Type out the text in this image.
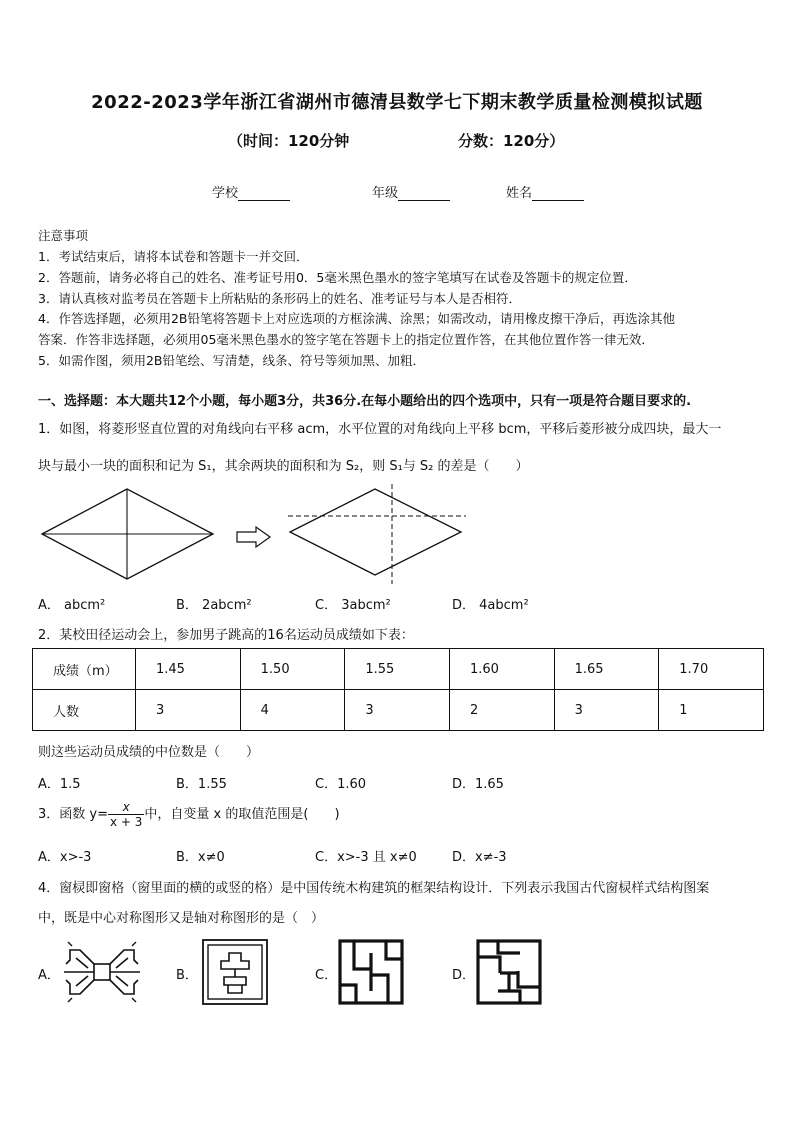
2022-2023学年浙江省湖州市德清县数学七下期末教学质量检测模拟试题
（时间：120分钟	分数：120分）
学校	年级	姓名
注意事项
1．考试结束后，请将本试卷和答题卡一并交回．
2．答题前，请务必将自己的姓名、准考证号用0．5毫米黑色墨水的签字笔填写在试卷及答题卡的规定位置．
3．请认真核对监考员在答题卡上所粘贴的条形码上的姓名、准考证号与本人是否相符．
4．作答选择题，必须用2B铅笔将答题卡上对应选项的方框涂满、涂黑；如需改动，请用橡皮擦干净后，再选涂其他
答案．作答非选择题，必须用05毫米黑色墨水的签字笔在答题卡上的指定位置作答，在其他位置作答一律无效．
5．如需作图，须用2B铅笔绘、写清楚，线条、符号等须加黑、加粗．
一、选择题：本大题共12个小题，每小题3分，共36分.在每小题给出的四个选项中，只有一项是符合题目要求的.
1．如图，将菱形竖直位置的对角线向右平移 acm，水平位置的对角线向上平移 bcm，平移后菱形被分成四块，最大一
块与最小一块的面积和记为 S₁，其余两块的面积和为 S₂，则 S₁与 S₂ 的差是（　　）
A． abcm²	B． 2abcm²	C． 3abcm²	D． 4abcm²
2．某校田径运动会上，参加男子跳高的16名运动员成绩如下表：
成绩（m）	1.45	1.50	1.55	1.60	1.65	1.70
人数	3	4	3	2	3	1
则这些运动员成绩的中位数是（　　）
A．1.5	B．1.55	C．1.60	D．1.65
3．函数 $y= \frac{x}{x + 3}$ 中，自变量 x 的取值范围是(　　)
A．x>-3	B．x≠0	C．x>-3 且 x≠0	D．x≠-3
4．窗棂即窗格（窗里面的横的或竖的格）是中国传统木构建筑的框架结构设计．下列表示我国古代窗棂样式结构图案
中，既是中心对称图形又是轴对称图形的是（　）
A．	B．	C．	D．
